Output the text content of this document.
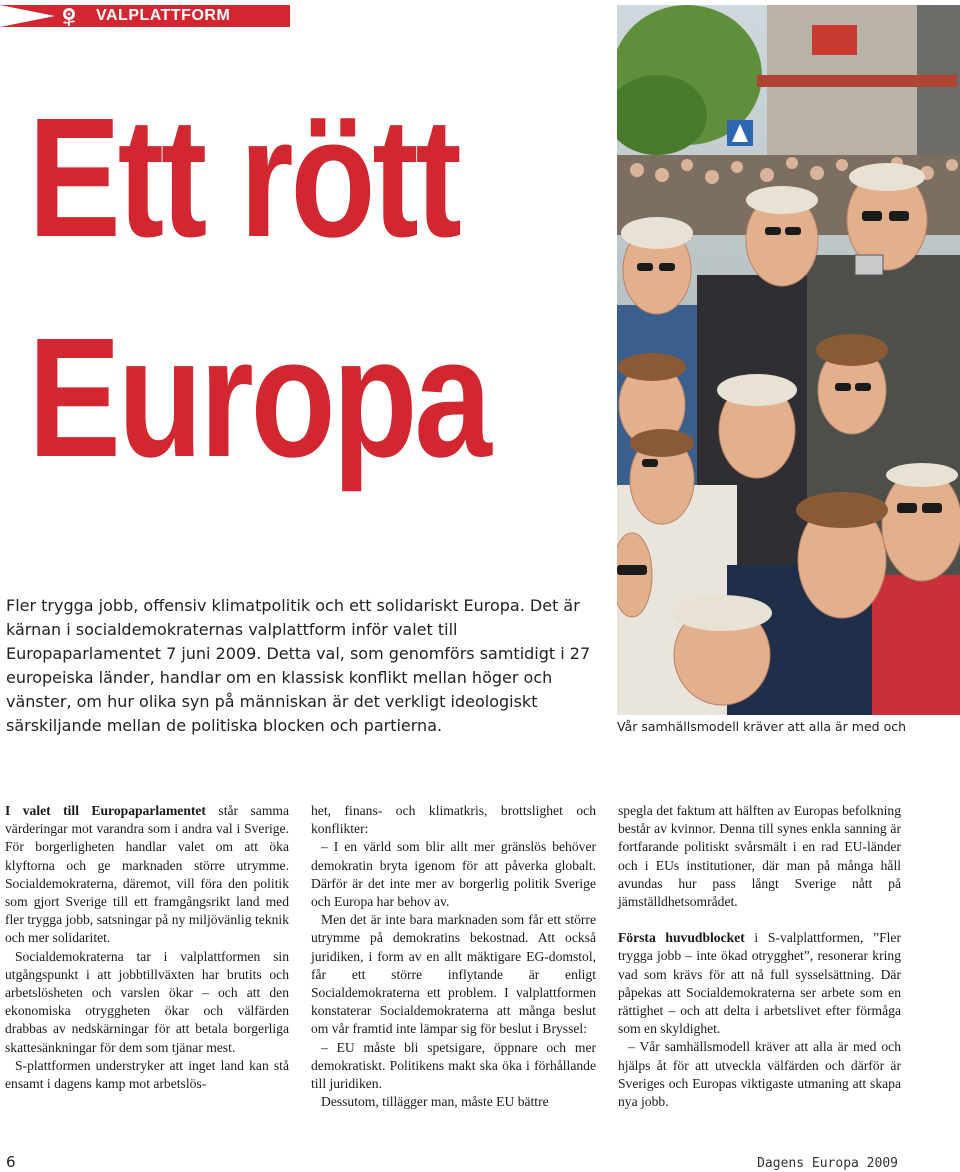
VALPLATTFORM
Ett rött
Europa

Fler trygga jobb, offensiv klimatpolitik och ett solidariskt Europa. Det är kärnan i socialdemokraternas valplattform inför valet till Europaparlamentet 7 juni 2009. Detta val, som genomförs samtidigt i 27 europeiska länder, handlar om en klassisk konflikt mellan höger och vänster, om hur olika syn på människan är det verkligt ideologiskt särskiljande mellan de politiska blocken och partierna.	Vår samhällsmodell kräver att alla är med och

I valet till Europaparlamentet står samma värderingar mot varandra som i andra val i Sverige. För borgerligheten handlar valet om att öka klyftorna och ge marknaden större utrymme. Socialdemokraterna, däremot, vill föra den politik som gjort Sverige till ett framgångsrikt land med fler trygga jobb, satsningar på ny miljövänlig teknik och mer solidaritet.

Socialdemokraterna tar i valplattformen sin utgångspunkt i att jobbtillväxten har brutits och arbetslösheten och varslen ökar – och att den ekonomiska otryggheten ökar och välfärden drabbas av nedskärningar för att betala borgerliga skattesänkningar för dem som tjänar mest.

S-plattformen understryker att inget land kan stå ensamt i dagens kamp mot arbetslös-

het, finans- och klimatkris, brottslighet och konflikter:

– I en värld som blir allt mer gränslös behöver demokratin bryta igenom för att påverka globalt. Därför är det inte mer av borgerlig politik Sverige och Europa har behov av.

Men det är inte bara marknaden som får ett större utrymme på demokratins bekostnad. Att också juridiken, i form av en allt mäktigare EG-domstol, får ett större inflytande är enligt Socialdemokraterna ett problem. I valplattformen konstaterar Socialdemokraterna att många beslut om vår framtid inte lämpar sig för beslut i Bryssel:

– EU måste bli spetsigare, öppnare och mer demokratiskt. Politikens makt ska öka i förhållande till juridiken.

Dessutom, tillägger man, måste EU bättre

spegla det faktum att hälften av Europas befolkning består av kvinnor. Denna till synes enkla sanning är fortfarande politiskt svårsmält i en rad EU-länder och i EUs institutioner, där man på många håll avundas hur pass långt Sverige nått på jämställdhetsområdet.

Första huvudblocket i S-valplattformen, ”Fler trygga jobb – inte ökad otrygghet”, resonerar kring vad som krävs för att nå full sysselsättning. Där påpekas att Socialdemokraterna ser arbete som en rättighet – och att delta i arbetslivet efter förmåga som en skyldighet.

– Vår samhällsmodell kräver att alla är med och hjälps åt för att utveckla välfärden och därför är Sveriges och Europas viktigaste utmaning att skapa nya jobb.

6	Dagens Europa 2009
